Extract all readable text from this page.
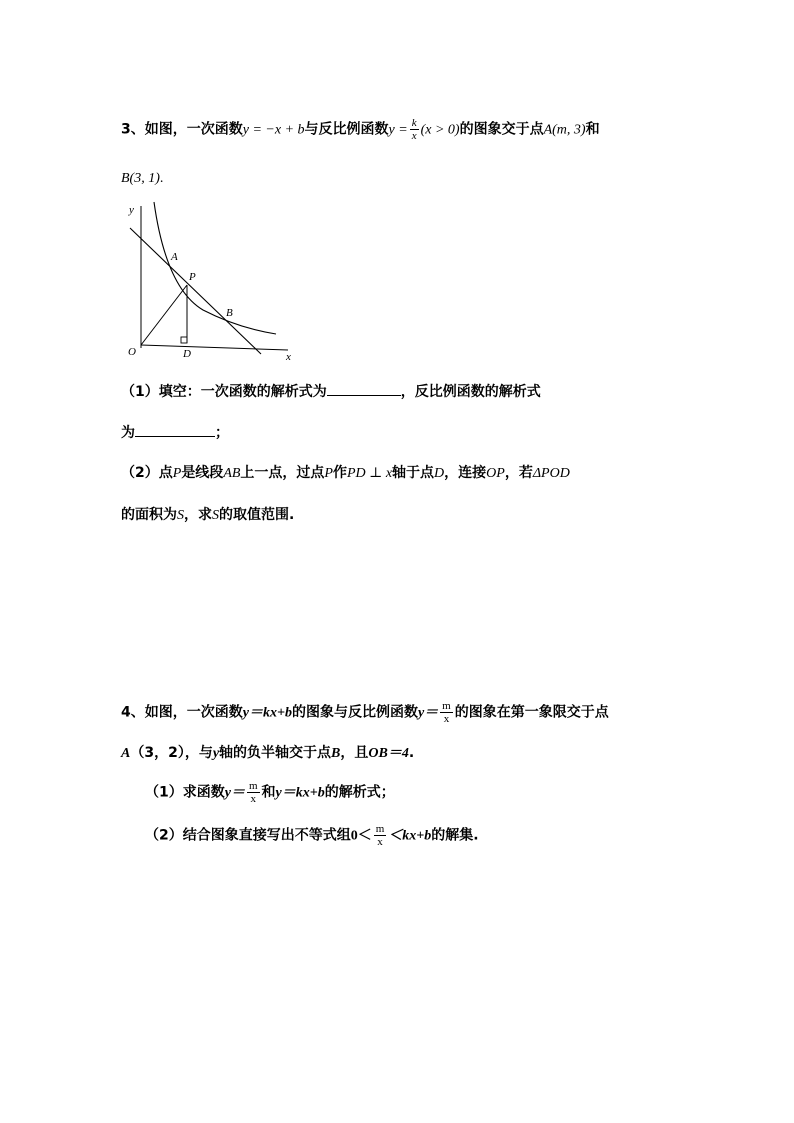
3、如图，一次函数y = −x + b与反比例函数$y = \frac{k}{x} (x > 0)$的图象交于点A(m, 3)和
B(3, 1).
y
x
O
A
B
P
D
（1）填空：一次函数的解析式为	，反比例函数的解析式
为	；
（2）点P是线段AB上一点，过点P作PD ⊥ x轴于点D，连接OP，若ΔPOD
的面积为S，求S的取值范围.
4、如图，一次函数y＝kx+b的图象与反比例函数$y= \frac{m}{x}$ 的图象在第一象限交于点
A（3，2），与y轴的负半轴交于点B，且OB＝4.
（1）求函数$y= \frac{m}{x}$ 和y＝kx+b的解析式；
（2）结合图象直接写出不等式组$0< \frac{m}{x} <kx+b$的解集.
